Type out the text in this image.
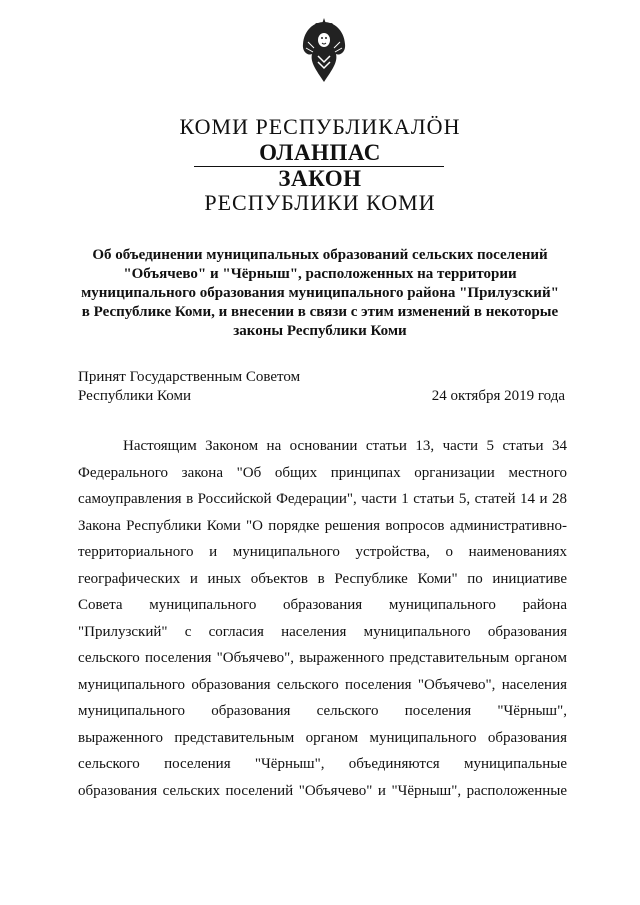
КОМИ РЕСПУБЛИКАЛӦН
ОЛАНПАС
ЗАКОН
РЕСПУБЛИКИ КОМИ
Об объединении муниципальных образований сельских поселений
"Объячево" и "Чёрныш", расположенных на территории
муниципального образования муниципального района "Прилузский"
в Республике Коми, и внесении в связи с этим изменений в некоторые
законы Республики Коми
Принят Государственным Советом
Республики Коми	24 октября 2019 года
Настоящим Законом на основании статьи 13, части 5 статьи 34
Федерального закона "Об общих принципах организации местного
самоуправления в Российской Федерации", части 1 статьи 5, статей 14 и 28
Закона Республики Коми "О порядке решения вопросов административно-
территориального и муниципального устройства, о наименованиях
географических и иных объектов в Республике Коми" по инициативе
Совета муниципального образования муниципального района
"Прилузский" с согласия населения муниципального образования
сельского поселения "Объячево", выраженного представительным органом
муниципального образования сельского поселения "Объячево", населения
муниципального образования сельского поселения "Чёрныш",
выраженного представительным органом муниципального образования
сельского поселения "Чёрныш", объединяются муниципальные
образования сельских поселений "Объячево" и "Чёрныш", расположенные
